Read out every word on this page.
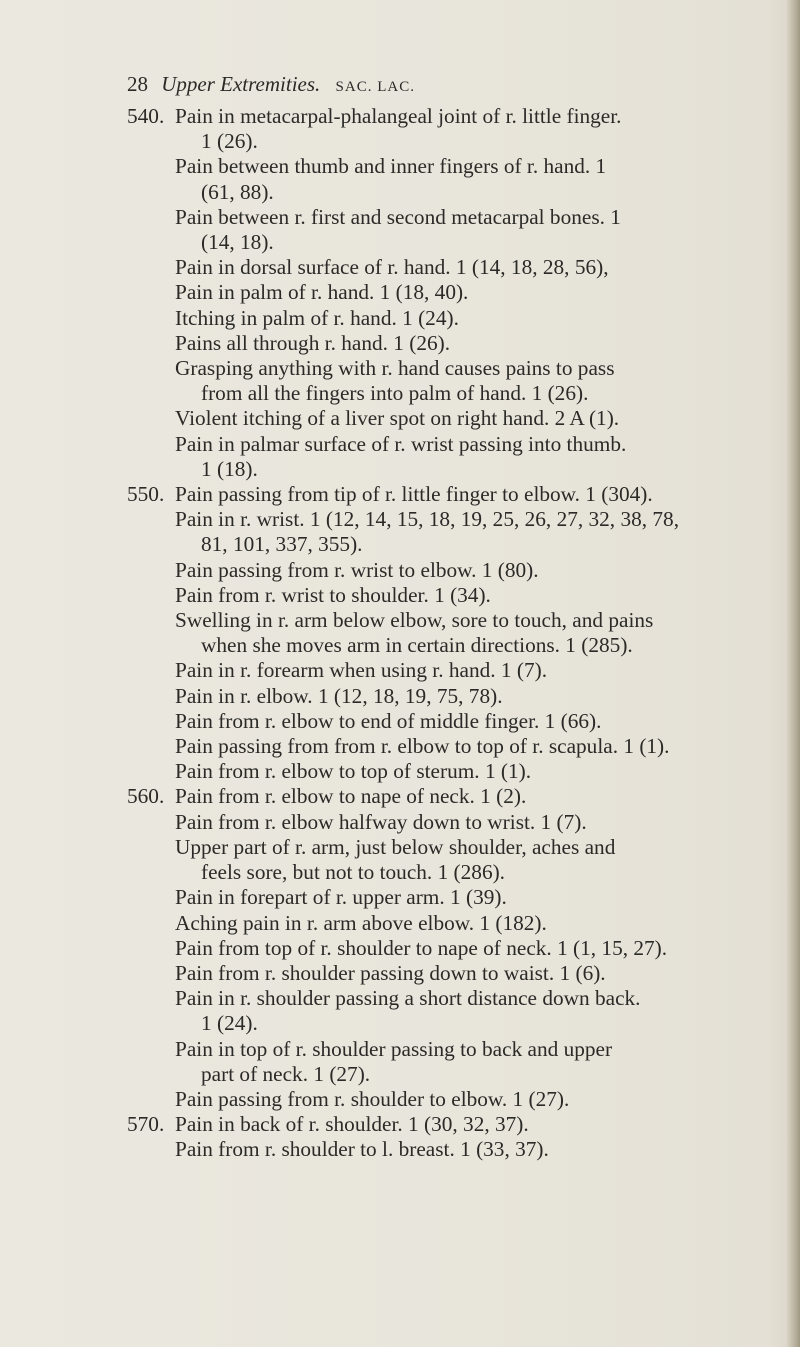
28 Upper Extremities. SAC. LAC.
540. Pain in metacarpal-phalangeal joint of r. little finger.
1 (26).
Pain between thumb and inner fingers of r. hand. 1
(61, 88).
Pain between r. first and second metacarpal bones. 1
(14, 18).
Pain in dorsal surface of r. hand. 1 (14, 18, 28, 56),
Pain in palm of r. hand. 1 (18, 40).
Itching in palm of r. hand. 1 (24).
Pains all through r. hand. 1 (26).
Grasping anything with r. hand causes pains to pass
from all the fingers into palm of hand. 1 (26).
Violent itching of a liver spot on right hand. 2 A (1).
Pain in palmar surface of r. wrist passing into thumb.
1 (18).
550. Pain passing from tip of r. little finger to elbow. 1 (304).
Pain in r. wrist. 1 (12, 14, 15, 18, 19, 25, 26, 27, 32, 38, 78,
81, 101, 337, 355).
Pain passing from r. wrist to elbow. 1 (80).
Pain from r. wrist to shoulder. 1 (34).
Swelling in r. arm below elbow, sore to touch, and pains
when she moves arm in certain directions. 1 (285).
Pain in r. forearm when using r. hand. 1 (7).
Pain in r. elbow. 1 (12, 18, 19, 75, 78).
Pain from r. elbow to end of middle finger. 1 (66).
Pain passing from from r. elbow to top of r. scapula. 1 (1).
Pain from r. elbow to top of sterum. 1 (1).
560. Pain from r. elbow to nape of neck. 1 (2).
Pain from r. elbow halfway down to wrist. 1 (7).
Upper part of r. arm, just below shoulder, aches and
feels sore, but not to touch. 1 (286).
Pain in forepart of r. upper arm. 1 (39).
Aching pain in r. arm above elbow. 1 (182).
Pain from top of r. shoulder to nape of neck. 1 (1, 15, 27).
Pain from r. shoulder passing down to waist. 1 (6).
Pain in r. shoulder passing a short distance down back.
1 (24).
Pain in top of r. shoulder passing to back and upper
part of neck. 1 (27).
Pain passing from r. shoulder to elbow. 1 (27).
570. Pain in back of r. shoulder. 1 (30, 32, 37).
Pain from r. shoulder to l. breast. 1 (33, 37).
